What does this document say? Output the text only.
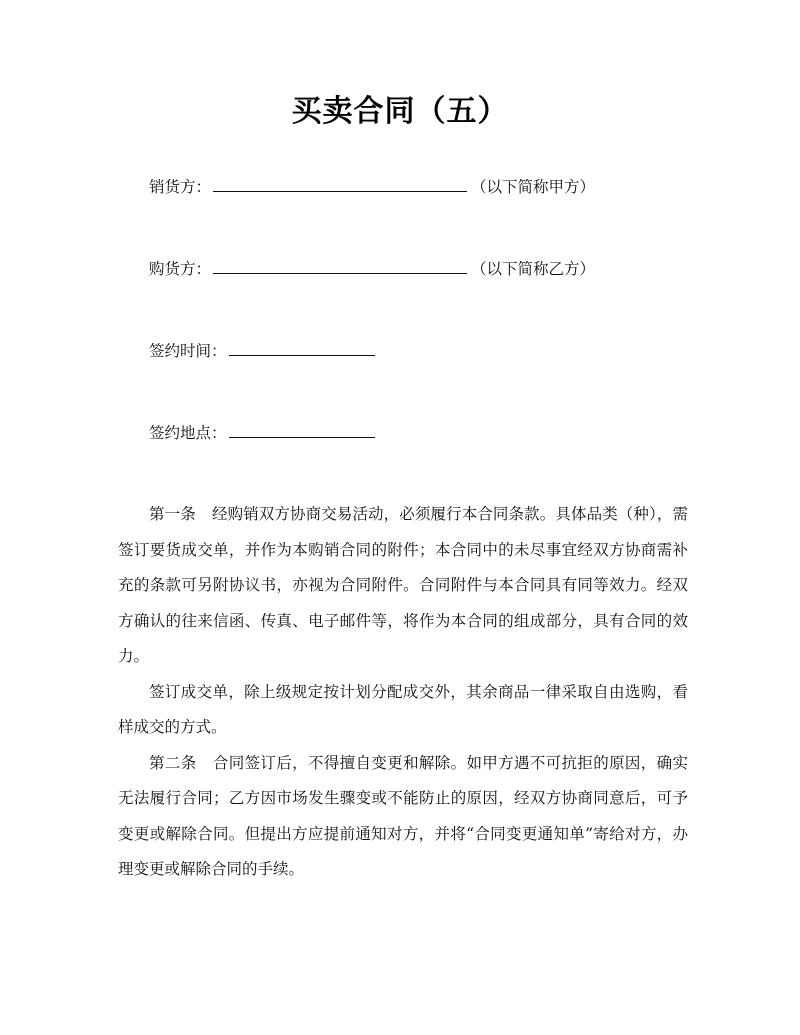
买卖合同（五）
销货方：	（以下简称甲方）
购货方：	（以下简称乙方）
签约时间：
签约地点：

第一条 经购销双方协商交易活动，必须履行本合同条款。具体品类（种），需签订要货成交单，并作为本购销合同的附件；本合同中的未尽事宜经双方协商需补充的条款可另附协议书，亦视为合同附件。合同附件与本合同具有同等效力。经双方确认的往来信函、传真、电子邮件等，将作为本合同的组成部分，具有合同的效力。

签订成交单，除上级规定按计划分配成交外，其余商品一律采取自由选购，看样成交的方式。

第二条 合同签订后，不得擅自变更和解除。如甲方遇不可抗拒的原因，确实无法履行合同；乙方因市场发生骤变或不能防止的原因，经双方协商同意后，可予变更或解除合同。但提出方应提前通知对方，并将“合同变更通知单”寄给对方，办理变更或解除合同的手续。
